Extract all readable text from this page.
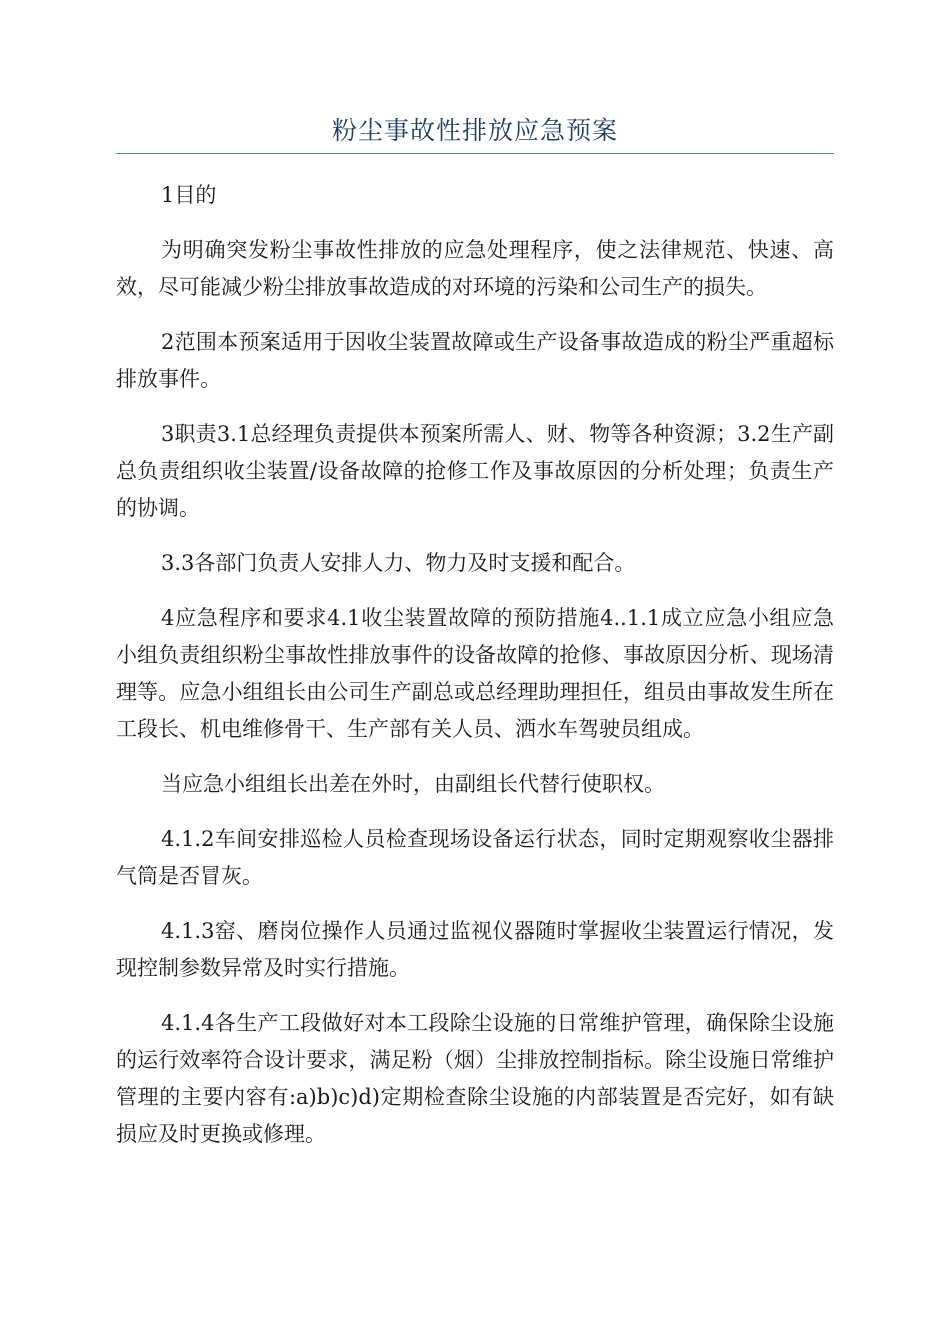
粉尘事故性排放应急预案

1目的

为明确突发粉尘事故性排放的应急处理程序，使之法律规范、快速、高效，尽可能减少粉尘排放事故造成的对环境的污染和公司生产的损失。

2范围本预案适用于因收尘装置故障或生产设备事故造成的粉尘严重超标排放事件。

3职责3.1总经理负责提供本预案所需人、财、物等各种资源；3.2生产副总负责组织收尘装置/设备故障的抢修工作及事故原因的分析处理；负责生产的协调。

3.3各部门负责人安排人力、物力及时支援和配合。

4应急程序和要求4.1收尘装置故障的预防措施4..1.1成立应急小组应急小组负责组织粉尘事故性排放事件的设备故障的抢修、事故原因分析、现场清理等。应急小组组长由公司生产副总或总经理助理担任，组员由事故发生所在工段长、机电维修骨干、生产部有关人员、洒水车驾驶员组成。

当应急小组组长出差在外时，由副组长代替行使职权。

4.1.2车间安排巡检人员检查现场设备运行状态，同时定期观察收尘器排气筒是否冒灰。

4.1.3窑、磨岗位操作人员通过监视仪器随时掌握收尘装置运行情况，发现控制参数异常及时实行措施。

4.1.4各生产工段做好对本工段除尘设施的日常维护管理，确保除尘设施的运行效率符合设计要求，满足粉（烟）尘排放控制指标。除尘设施日常维护管理的主要内容有:a)b)c)d)定期检查除尘设施的内部装置是否完好，如有缺损应及时更换或修理。
